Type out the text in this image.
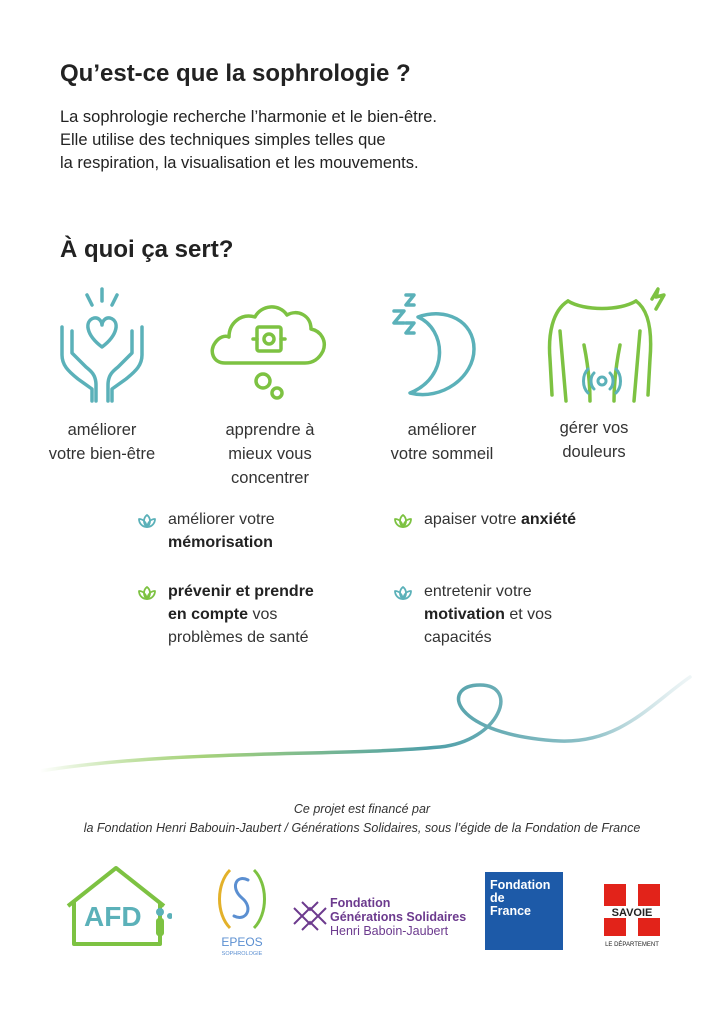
Qu’est-ce que la sophrologie ?

La sophrologie recherche l’harmonie et le bien-être.
Elle utilise des techniques simples telles que
la respiration, la visualisation et les mouvements.

À quoi ça sert?
améliorer
votre bien-être
apprendre à
mieux vous
concentrer
améliorer
votre sommeil
gérer vos
douleurs
améliorer votre
mémorisation
apaiser votre anxiété
prévenir et prendre
en compte vos
problèmes de santé
entretenir votre
motivation et vos
capacités
Ce projet est financé par
la Fondation Henri Babouin-Jaubert / Générations Solidaires, sous l’égide de la Fondation de France
AFD
EPEOS
SOPHROLOGIE
Fondation
Générations Solidaires
Henri Baboin-Jaubert
Fondation
de
France	SAVOIE
LE DÉPARTEMENT
